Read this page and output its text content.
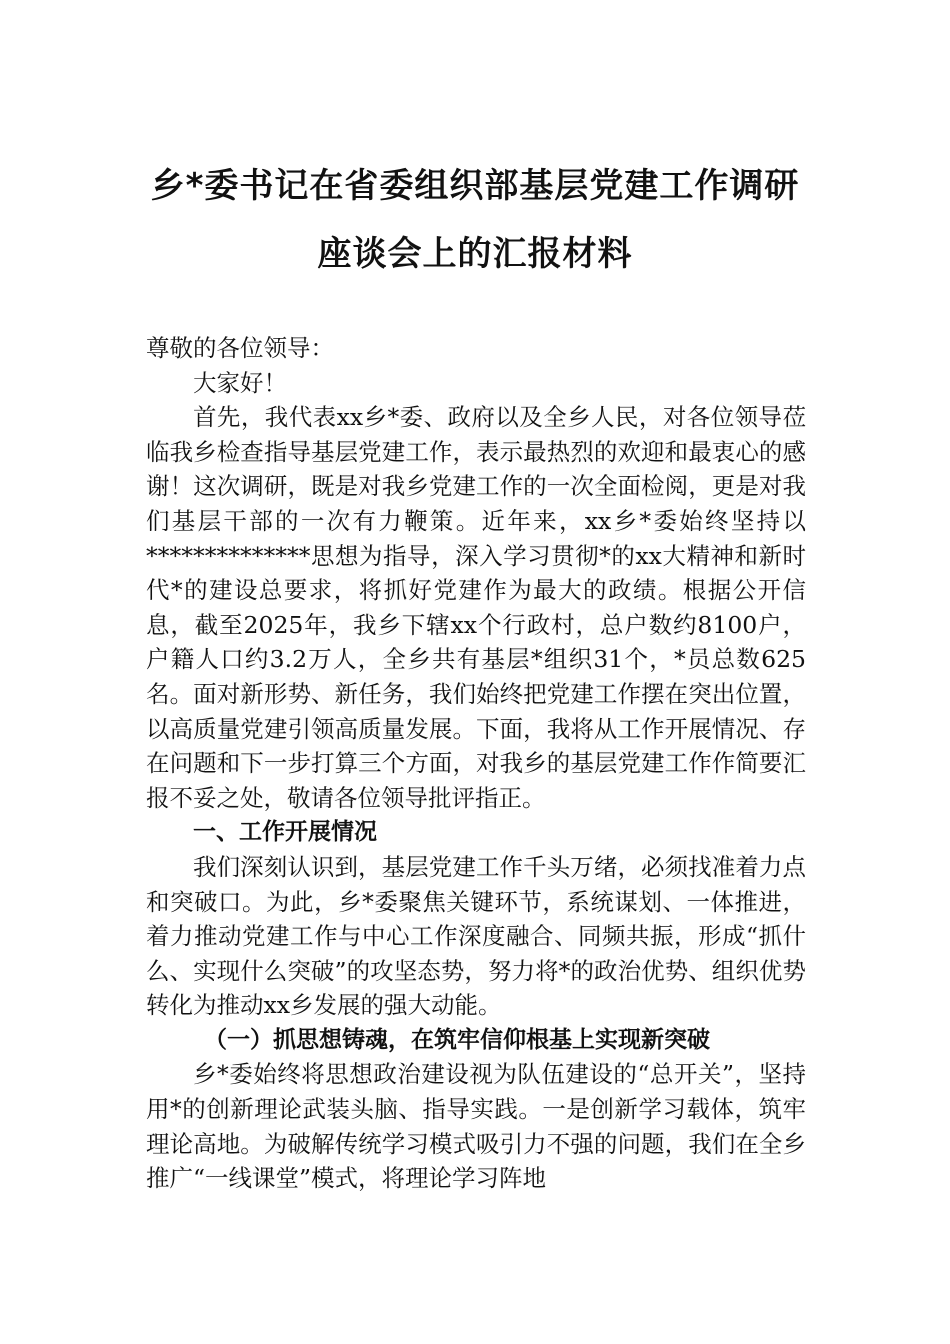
乡*委书记在省委组织部基层党建工作调研
座谈会上的汇报材料

尊敬的各位领导：

大家好！

首先，我代表xx乡*委、政府以及全乡人民，对各位领导莅临我乡检查指导基层党建工作，表示最热烈的欢迎和最衷心的感谢！这次调研，既是对我乡党建工作的一次全面检阅，更是对我们基层干部的一次有力鞭策。近年来，xx乡*委始终坚持以**************思想为指导，深入学习贯彻*的xx大精神和新时代*的建设总要求，将抓好党建作为最大的政绩。根据公开信息，截至2025年，我乡下辖xx个行政村，总户数约8100户，户籍人口约3.2万人，全乡共有基层*组织31个，*员总数625名。面对新形势、新任务，我们始终把党建工作摆在突出位置，以高质量党建引领高质量发展。下面，我将从工作开展情况、存在问题和下一步打算三个方面，对我乡的基层党建工作作简要汇报不妥之处，敬请各位领导批评指正。

一、工作开展情况

我们深刻认识到，基层党建工作千头万绪，必须找准着力点和突破口。为此，乡*委聚焦关键环节，系统谋划、一体推进，着力推动党建工作与中心工作深度融合、同频共振，形成“抓什么、实现什么突破”的攻坚态势，努力将*的政治优势、组织优势转化为推动xx乡发展的强大动能。

（一）抓思想铸魂，在筑牢信仰根基上实现新突破

乡*委始终将思想政治建设视为队伍建设的“总开关”，坚持用*的创新理论武装头脑、指导实践。一是创新学习载体，筑牢理论高地。为破解传统学习模式吸引力不强的问题，我们在全乡推广“一线课堂”模式，将理论学习阵地
